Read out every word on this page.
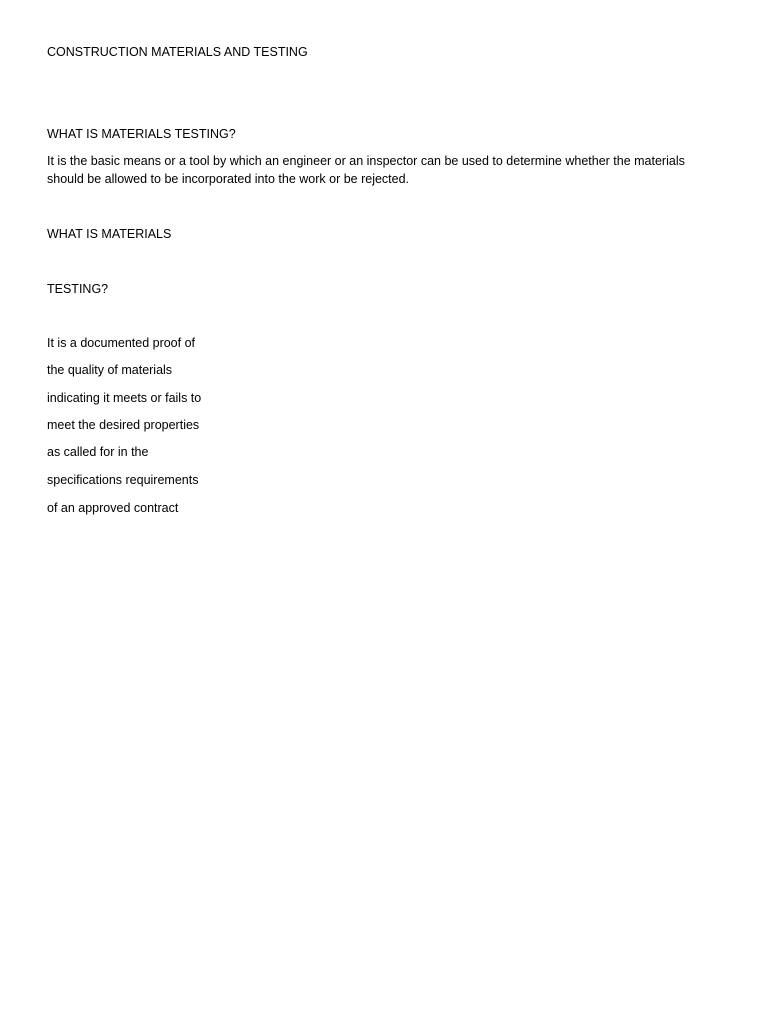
CONSTRUCTION MATERIALS AND TESTING

WHAT IS MATERIALS TESTING?

It is the basic means or a tool by which an engineer or an inspector can be used to determine whether the materials should be allowed to be incorporated into the work or be rejected.

WHAT IS MATERIALS

TESTING?

It is a documented proof of

the quality of materials

indicating it meets or fails to

meet the desired properties

as called for in the

specifications requirements

of an approved contract
